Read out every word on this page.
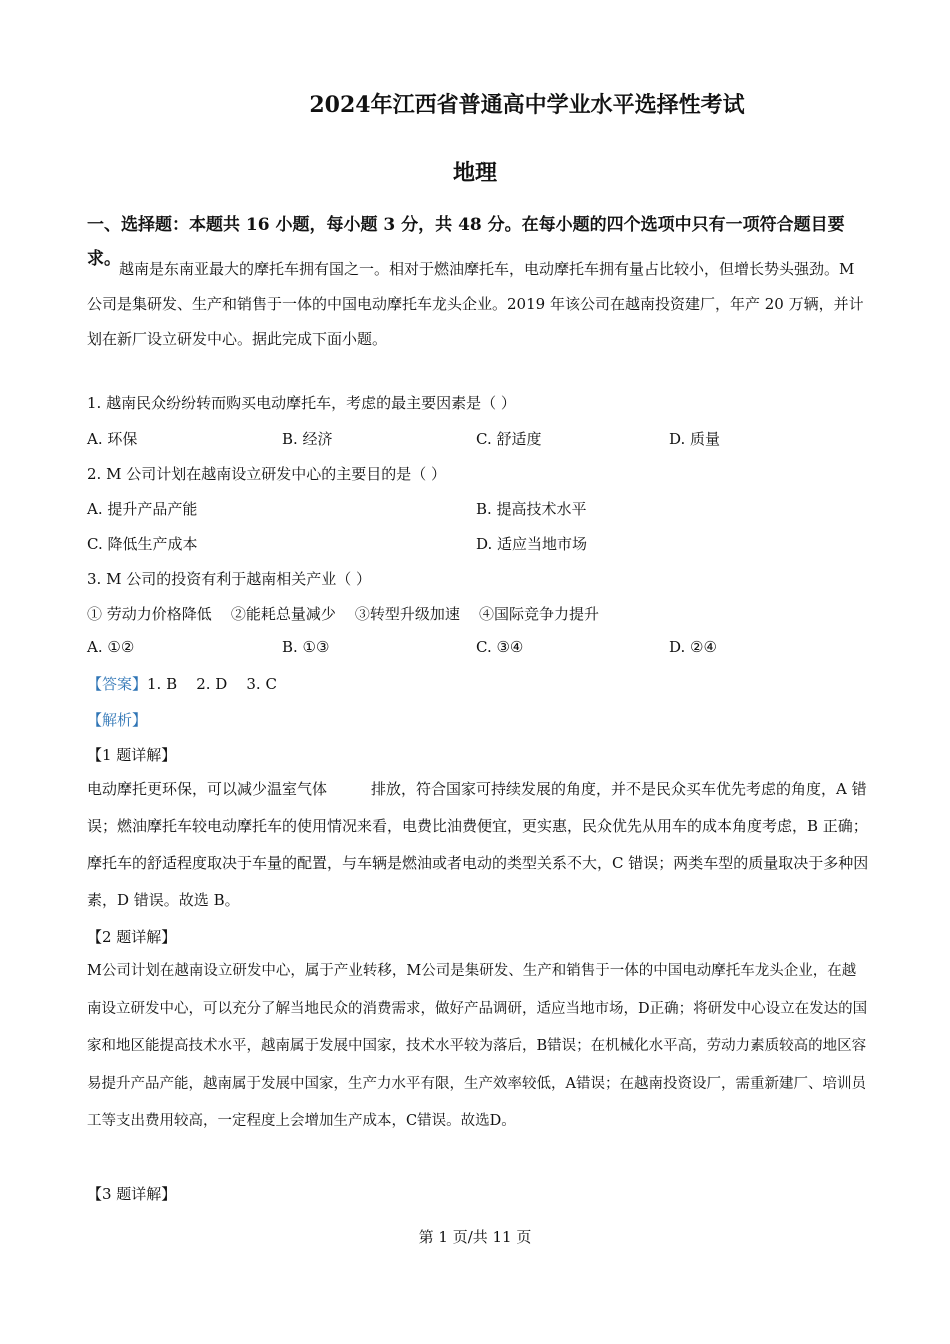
2024年江西省普通高中学业水平选择性考试
地理
一、选择题：本题共 16 小题，每小题 3 分，共 48 分。在每小题的四个选项中只有一项符合题目要求。
越南是东南亚最大的摩托车拥有国之一。相对于燃油摩托车，电动摩托车拥有量占比较小，但增长势头强劲。M 公司是集研发、生产和销售于一体的中国电动摩托车龙头企业。2019 年该公司在越南投资建厂，年产 20 万辆，并计划在新厂设立研发中心。据此完成下面小题。
1. 越南民众纷纷转而购买电动摩托车，考虑的最主要因素是（ ）
A. 环保	B. 经济	C. 舒适度	D. 质量
2. M 公司计划在越南设立研发中心的主要目的是（ ）
A. 提升产品产能	B. 提高技术水平
C. 降低生产成本	D. 适应当地市场
3. M 公司的投资有利于越南相关产业（ ）
① 劳动力价格降低    ②能耗总量减少    ③转型升级加速    ④国际竞争力提升
A. ①②	B. ①③	C. ③④	D. ②④
【答案】1. B    2. D    3. C
【解析】
【1 题详解】
电动摩托更环保，可以减少温室气体	排放，符合国家可持续发展的角度，并不是民众买车优先考虑的角度，A 错误；燃油摩托车较电动摩托车的使用情况来看，电费比油费便宜，更实惠，民众优先从用车的成本角度考虑，B 正确；摩托车的舒适程度取决于车量的配置，与车辆是燃油或者电动的类型关系不大，C 错误；两类车型的质量取决于多种因素，D 错误。故选 B。
【2 题详解】
M公司计划在越南设立研发中心，属于产业转移，M公司是集研发、生产和销售于一体的中国电动摩托车龙头企业，在越南设立研发中心，可以充分了解当地民众的消费需求，做好产品调研，适应当地市场，D正确；将研发中心设立在发达的国家和地区能提高技术水平，越南属于发展中国家，技术水平较为落后，B错误；在机械化水平高，劳动力素质较高的地区容易提升产品产能，越南属于发展中国家，生产力水平有限，生产效率较低，A错误；在越南投资设厂，需重新建厂、培训员工等支出费用较高，一定程度上会增加生产成本，C错误。故选D。
【3 题详解】
第 1 页/共 11 页
